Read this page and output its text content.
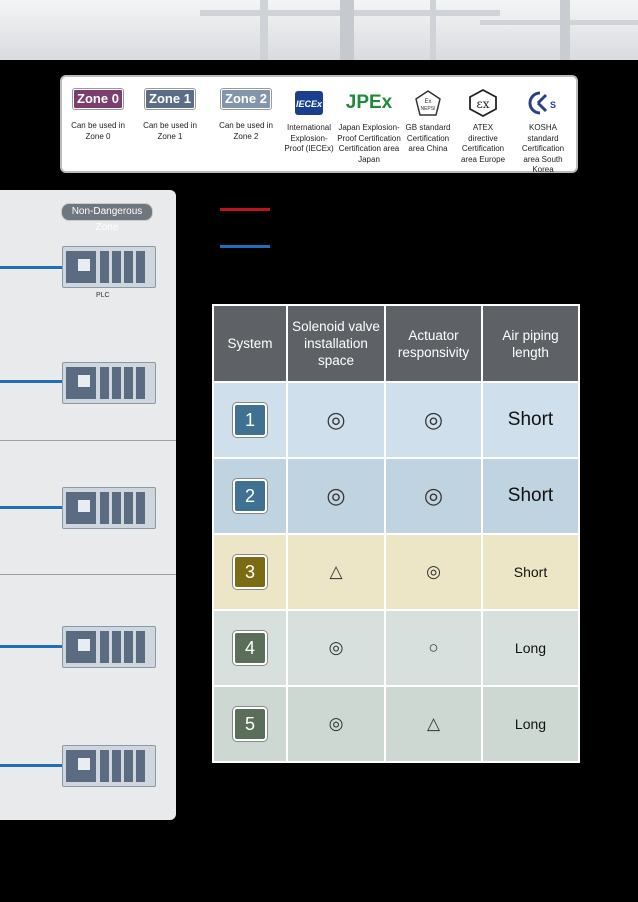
Zone 0
Can be used in Zone 0
Zone 1
Can be used in Zone 1
Zone 2
Can be used in Zone 2
IECEx
International Explosion-Proof (IECEx)
JPEx
Japan Explosion-Proof Certification Certification area Japan
Ex
NEPSI
GB standard Certification area China
εx
ATEX directive Certification area Europe
S
KOSHA standard Certification area South Korea
Non-Dangerous Zone
PLC
System	Solenoid valve installation space	Actuator responsivity	Air piping length
1	◎	◎	Short
2	◎	◎	Short
3	△	◎	Short
4	◎	○	Long
5	◎	△	Long
